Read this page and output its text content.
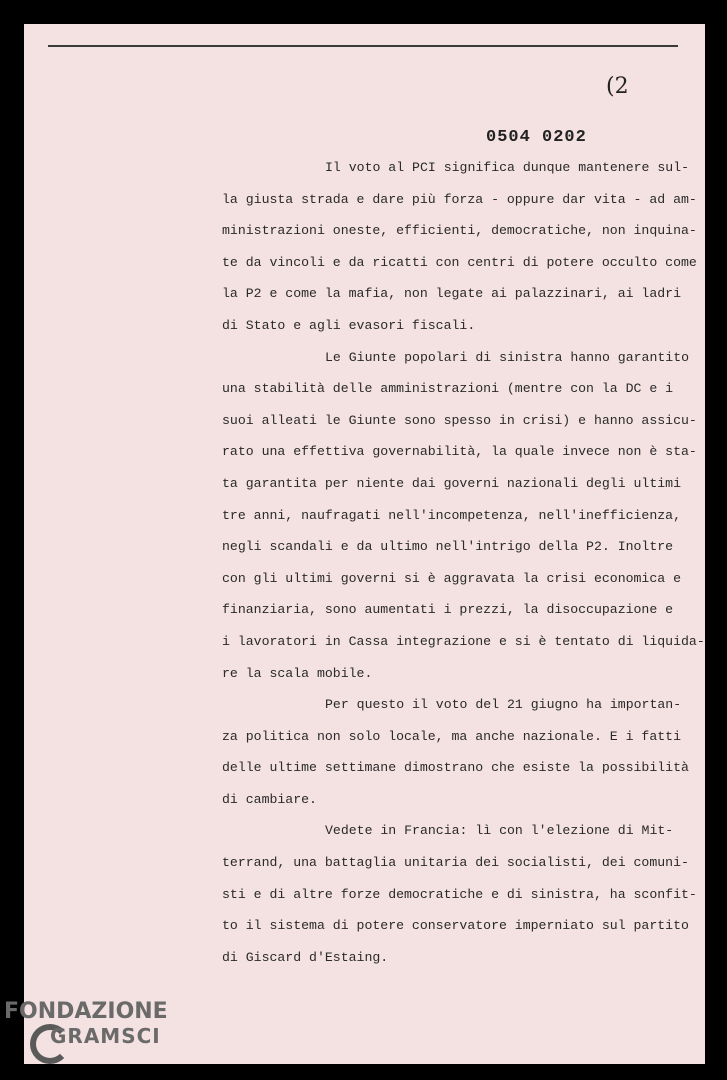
(2
0504 0202
Il voto al PCI significa dunque mantenere sul-
la giusta strada e dare più forza - oppure dar vita - ad am-
ministrazioni oneste, efficienti, democratiche, non inquina-
te da vincoli e da ricatti con centri di potere occulto come
la P2 e come la mafia, non legate ai palazzinari, ai ladri
di Stato e agli evasori fiscali.
Le Giunte popolari di sinistra hanno garantito
una stabilità delle amministrazioni (mentre con la DC e i
suoi alleati le Giunte sono spesso in crisi) e hanno assicu-
rato una effettiva governabilità, la quale invece non è sta-
ta garantita per niente dai governi nazionali degli ultimi
tre anni, naufragati nell'incompetenza, nell'inefficienza,
negli scandali e da ultimo nell'intrigo della P2. Inoltre
con gli ultimi governi si è aggravata la crisi economica e
finanziaria, sono aumentati i prezzi, la disoccupazione e
i lavoratori in Cassa integrazione e si è tentato di liquida-
re la scala mobile.
Per questo il voto del 21 giugno ha importan-
za politica non solo locale, ma anche nazionale. E i fatti
delle ultime settimane dimostrano che esiste la possibilità
di cambiare.
Vedete in Francia: lì con l'elezione di Mit-
terrand, una battaglia unitaria dei socialisti, dei comuni-
sti e di altre forze democratiche e di sinistra, ha sconfit-
to il sistema di potere conservatore imperniato sul partito
di Giscard d'Estaing.
FONDAZIONE
GRAMSCI
